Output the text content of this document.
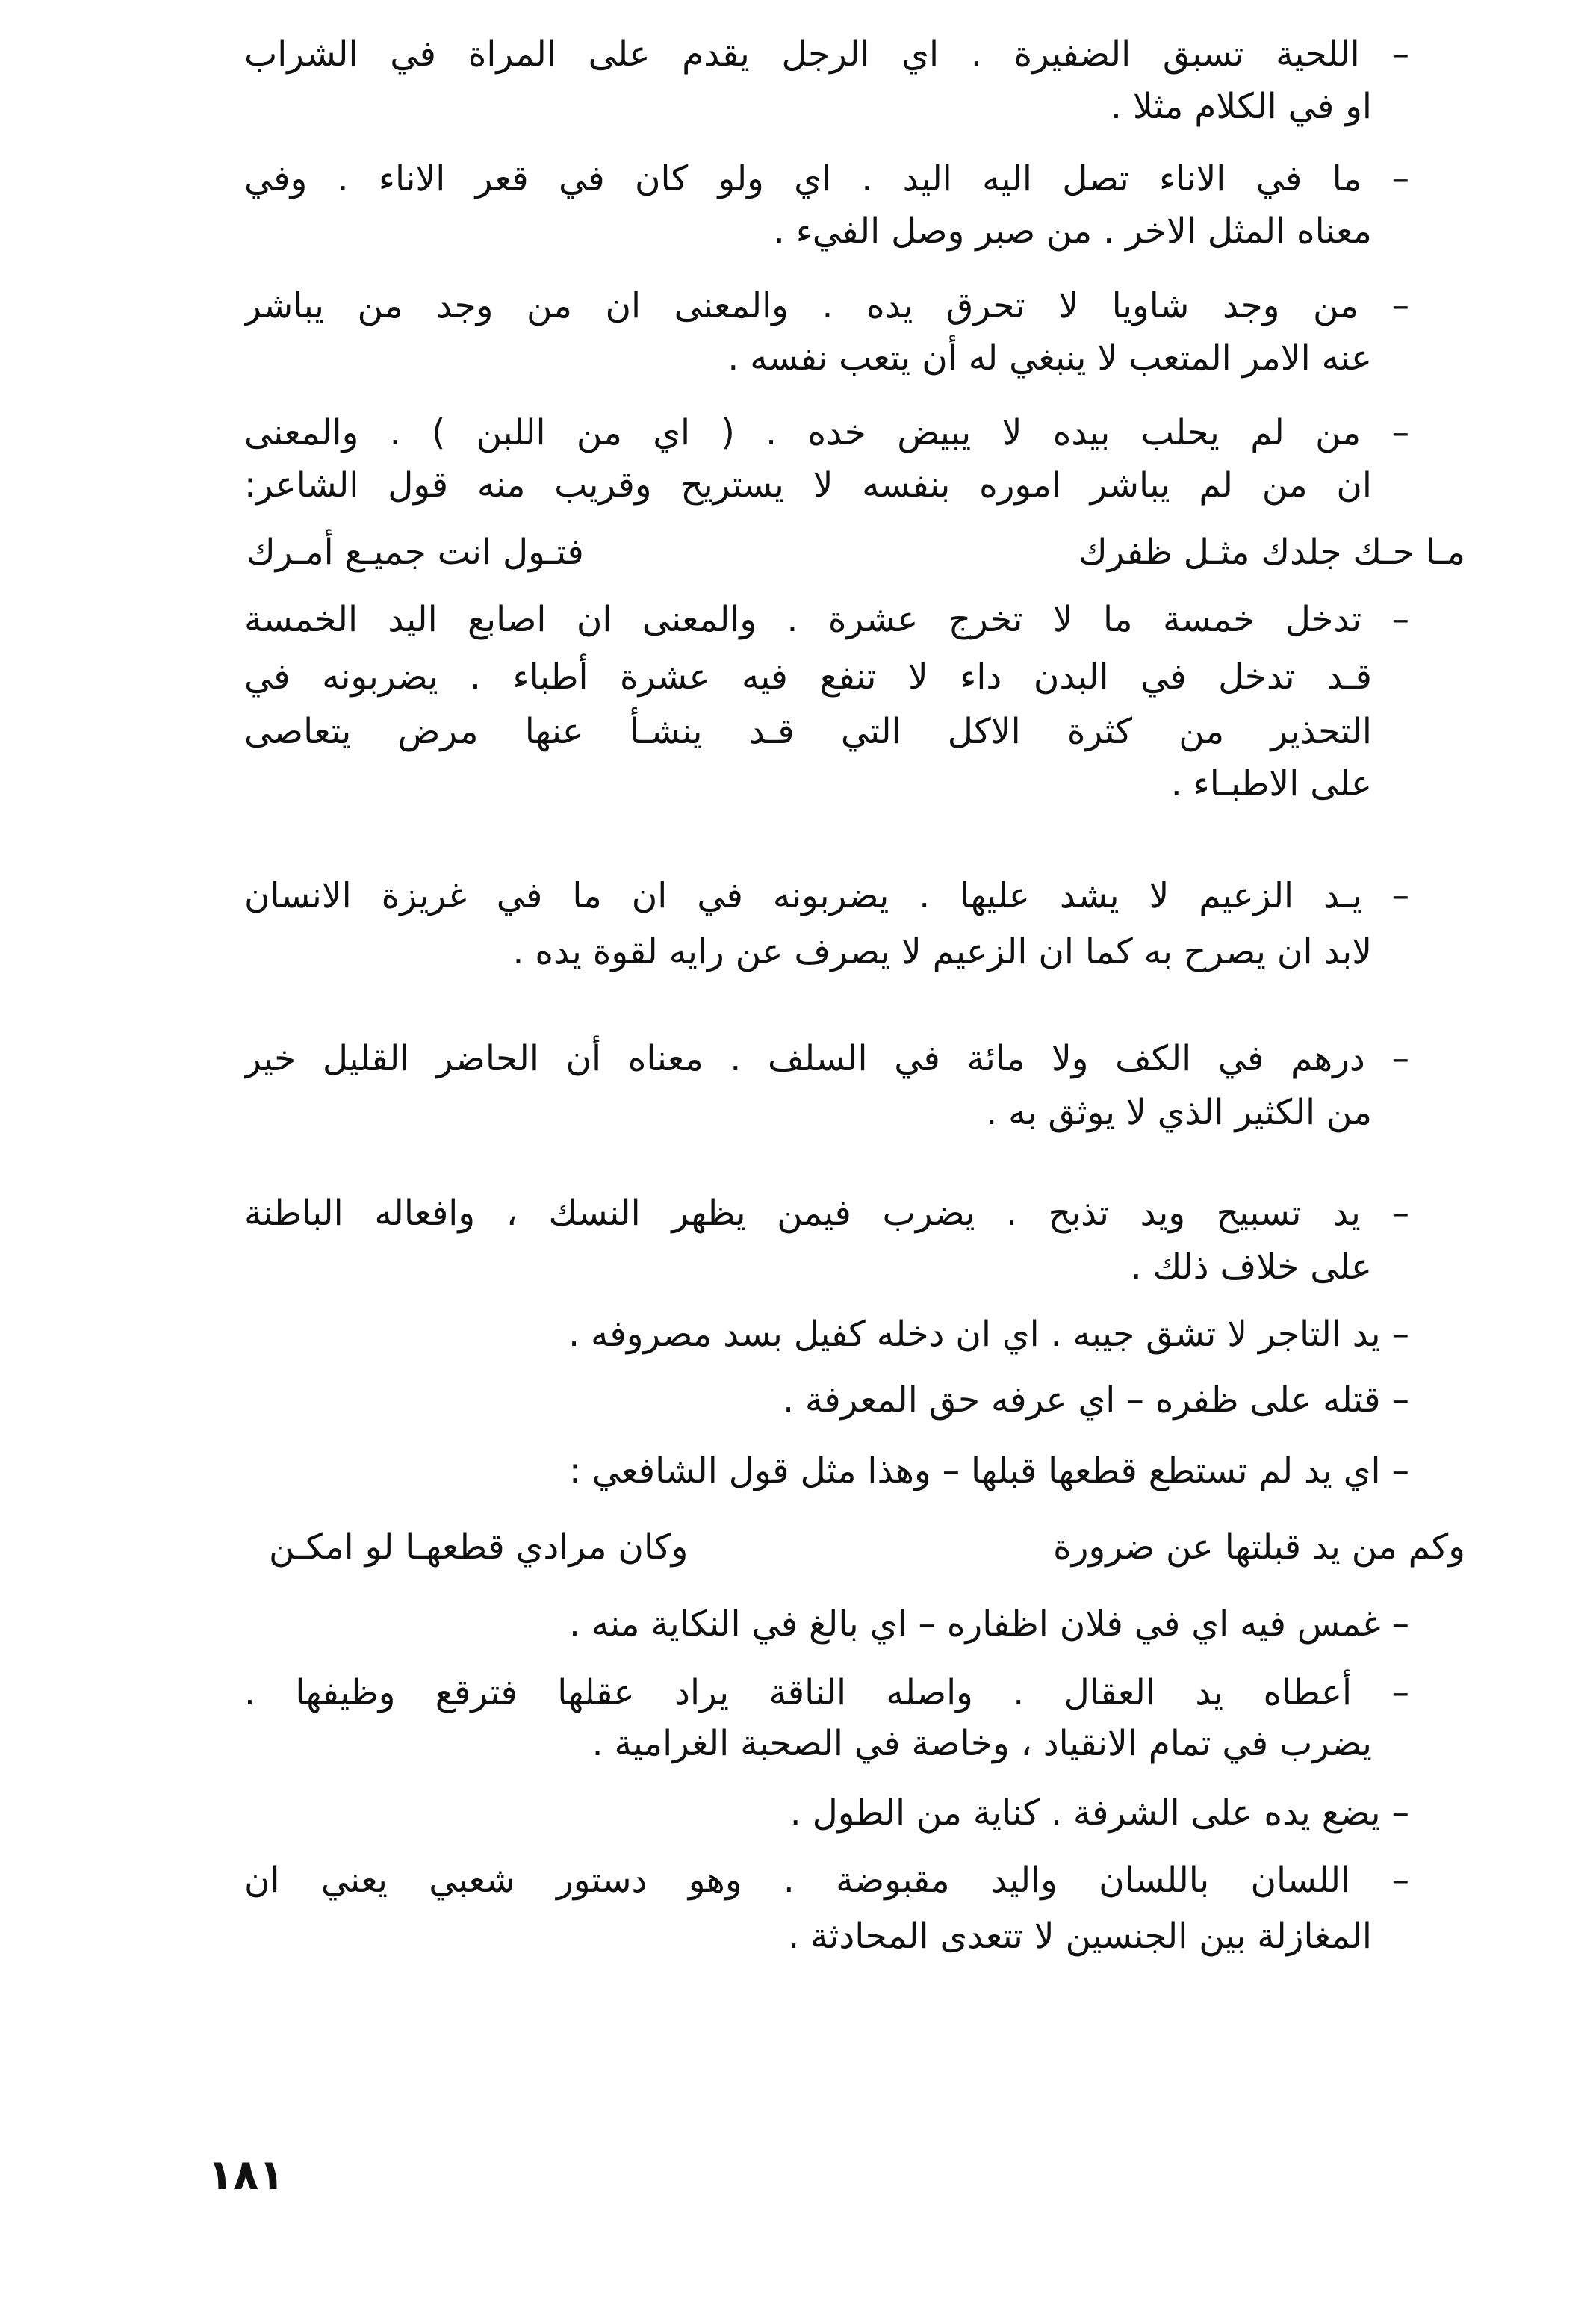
– اللحية تسبق الضفيرة . اي الرجل يقدم على المراة في الشراب
او في الكلام مثلا .
– ما في الاناء تصل اليه اليد . اي ولو كان في قعر الاناء . وفي
معناه المثل الاخر . من صبر وصل الفيء .
– من وجد شاويا لا تحرق يده . والمعنى ان من وجد من يباشر
عنه الامر المتعب لا ينبغي له أن يتعب نفسه .
– من لم يحلب بيده لا يبيض خده . ( اي من اللبن ) . والمعنى
ان من لم يباشر اموره بنفسه لا يستريح وقريب منه قول الشاعر:
مـا حـك جلدك مثـل ظفرك
فتـول انت جميـع أمـرك
– تدخل خمسة ما لا تخرج عشرة . والمعنى ان اصابع اليد الخمسة
قـد تدخل في البدن داء لا تنفع فيه عشرة أطباء . يضربونه في
التحذير من كثرة الاكل التي قـد ينشـأ عنها مرض يتعاصى
على الاطبـاء .
– يـد الزعيم لا يشد عليها . يضربونه في ان ما في غريزة الانسان
لابد ان يصرح به كما ان الزعيم لا يصرف عن رايه لقوة يده .
– درهم في الكف ولا مائة في السلف . معناه أن الحاضر القليل خير
من الكثير الذي لا يوثق به .
– يد تسبيح ويد تذبح . يضرب فيمن يظهر النسك ، وافعاله الباطنة
على خلاف ذلك .
– يد التاجر لا تشق جيبه . اي ان دخله كفيل بسد مصروفه .
– قتله على ظفره – اي عرفه حق المعرفة .
– اي يد لم تستطع قطعها قبلها – وهذا مثل قول الشافعي :
وكم من يد قبلتها عن ضرورة
وكان مرادي قطعهـا لو امكـن
– غمس فيه اي في فلان اظفاره – اي بالغ في النكاية منه .
– أعطاه يد العقال . واصله الناقة يراد عقلها فترقع وظيفها .
يضرب في تمام الانقياد ، وخاصة في الصحبة الغرامية .
– يضع يده على الشرفة . كناية من الطول .
– اللسان باللسان واليد مقبوضة . وهو دستور شعبي يعني ان
المغازلة بين الجنسين لا تتعدى المحادثة .
١٨١
